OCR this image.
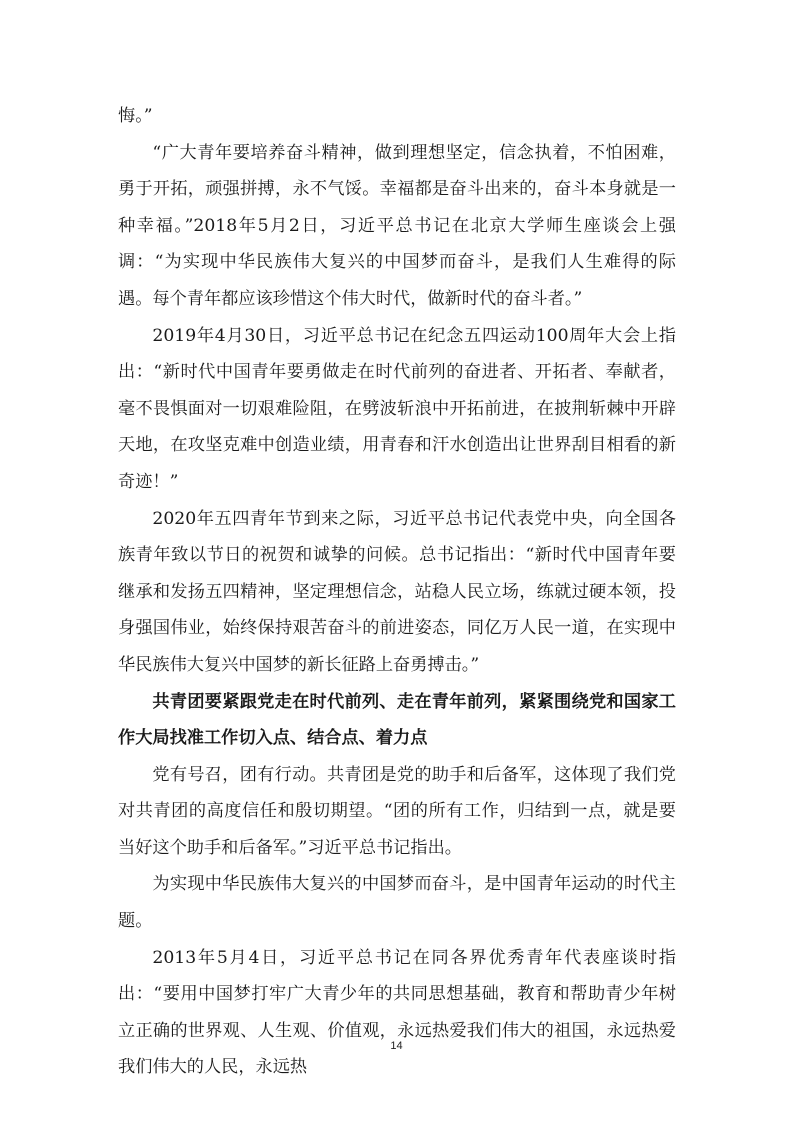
悔。”

“广大青年要培养奋斗精神，做到理想坚定，信念执着，不怕困难，勇于开拓，顽强拼搏，永不气馁。幸福都是奋斗出来的，奋斗本身就是一种幸福。”2018年5月2日，习近平总书记在北京大学师生座谈会上强调：“为实现中华民族伟大复兴的中国梦而奋斗，是我们人生难得的际遇。每个青年都应该珍惜这个伟大时代，做新时代的奋斗者。”

2019年4月30日，习近平总书记在纪念五四运动100周年大会上指出：“新时代中国青年要勇做走在时代前列的奋进者、开拓者、奉献者，毫不畏惧面对一切艰难险阻，在劈波斩浪中开拓前进，在披荆斩棘中开辟天地，在攻坚克难中创造业绩，用青春和汗水创造出让世界刮目相看的新奇迹！”

2020年五四青年节到来之际，习近平总书记代表党中央，向全国各族青年致以节日的祝贺和诚挚的问候。总书记指出：“新时代中国青年要继承和发扬五四精神，坚定理想信念，站稳人民立场，练就过硬本领，投身强国伟业，始终保持艰苦奋斗的前进姿态，同亿万人民一道，在实现中华民族伟大复兴中国梦的新长征路上奋勇搏击。”

共青团要紧跟党走在时代前列、走在青年前列，紧紧围绕党和国家工作大局找准工作切入点、结合点、着力点

党有号召，团有行动。共青团是党的助手和后备军，这体现了我们党对共青团的高度信任和殷切期望。“团的所有工作，归结到一点，就是要当好这个助手和后备军。”习近平总书记指出。

为实现中华民族伟大复兴的中国梦而奋斗，是中国青年运动的时代主题。

2013年5月4日，习近平总书记在同各界优秀青年代表座谈时指出：“要用中国梦打牢广大青少年的共同思想基础，教育和帮助青少年树立正确的世界观、人生观、价值观，永远热爱我们伟大的祖国，永远热爱我们伟大的人民，永远热

14
